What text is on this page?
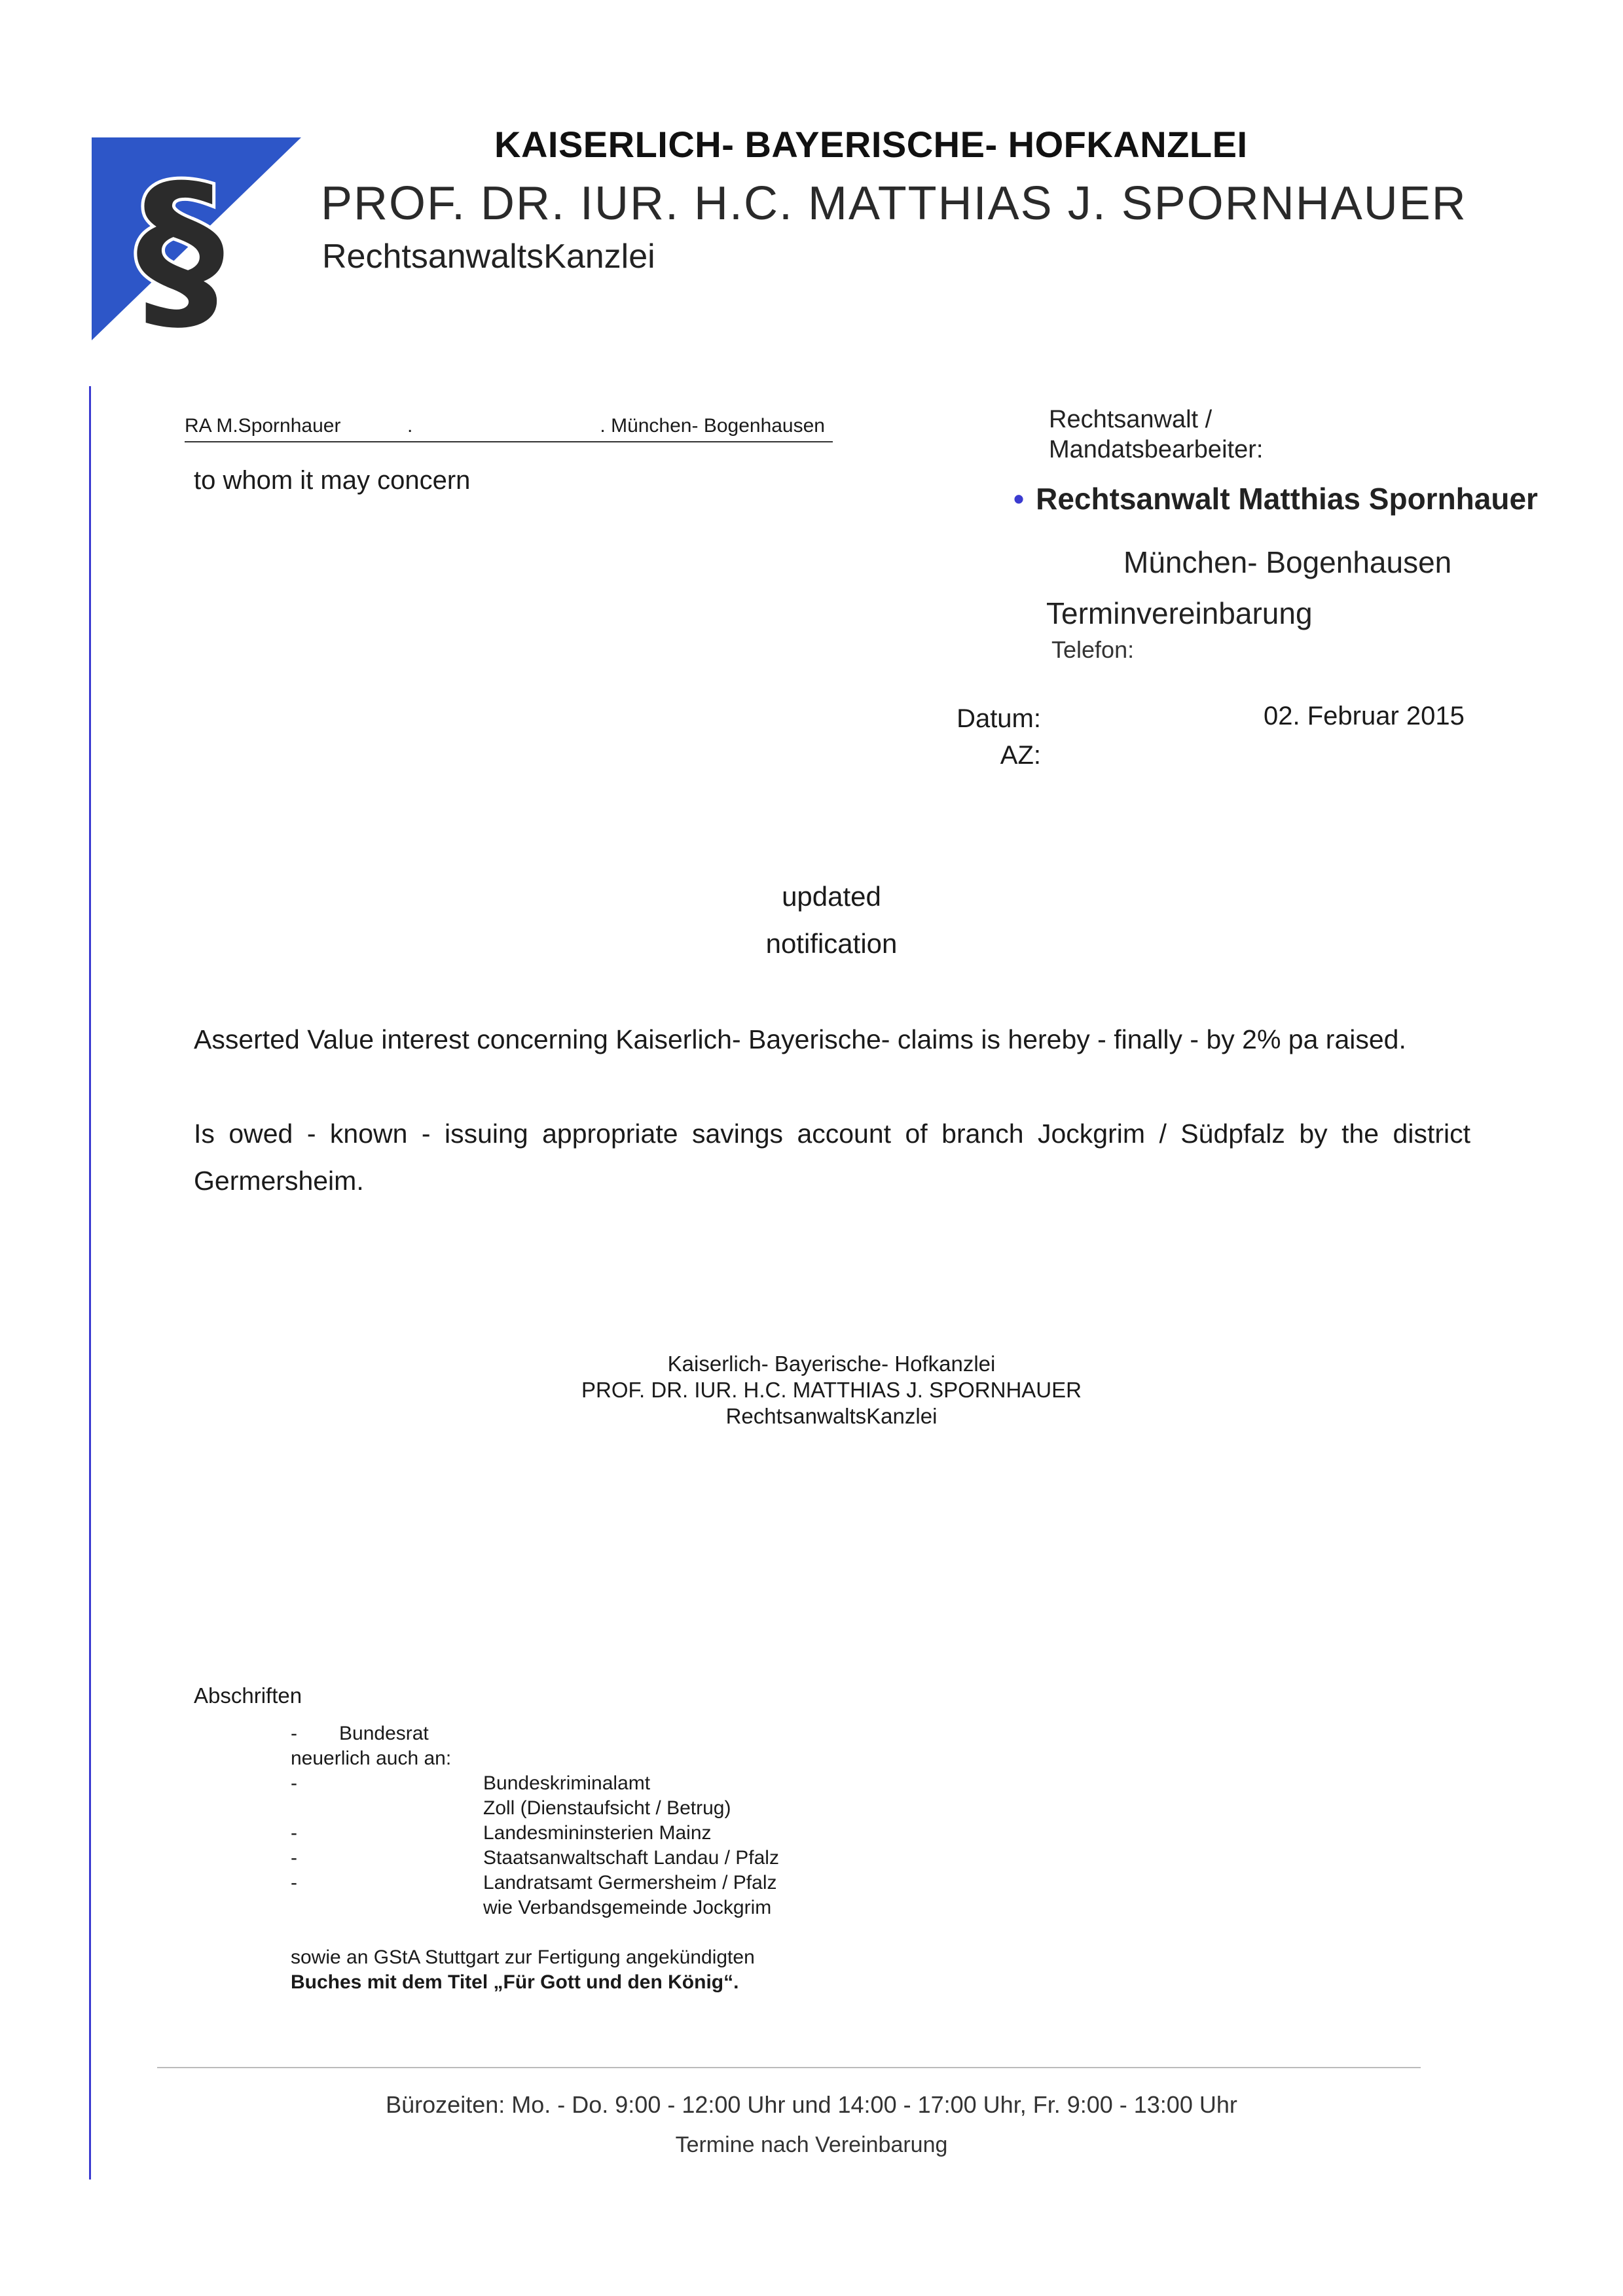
§
KAISERLICH- BAYERISCHE- HOFKANZLEI
PROF. DR. IUR. H.C. MATTHIAS J. SPORNHAUER
RechtsanwaltsKanzlei
RA M.Spornhauer	.	. München- Bogenhausen
to whom it may concern
Rechtsanwalt /
Mandatsbearbeiter:
• Rechtsanwalt Matthias Spornhauer
München- Bogenhausen
Terminvereinbarung
Telefon:
Datum:	02. Februar 2015
AZ:
updated
notification
Asserted Value interest concerning Kaiserlich- Bayerische- claims is hereby - finally - by 2% pa raised.
Is owed - known - issuing appropriate savings account of branch Jockgrim / Südpfalz by the district Germersheim.
Kaiserlich- Bayerische- Hofkanzlei
PROF. DR. IUR. H.C. MATTHIAS J. SPORNHAUER
RechtsanwaltsKanzlei
Abschriften
- Bundesrat
neuerlich auch an:
-	Bundeskriminalamt
Zoll (Dienstaufsicht / Betrug)
-	Landesmininsterien Mainz
-	Staatsanwaltschaft Landau / Pfalz
-	Landratsamt Germersheim / Pfalz
wie Verbandsgemeinde Jockgrim
sowie an GStA Stuttgart zur Fertigung angekündigten
Buches mit dem Titel „Für Gott und den König“.
Bürozeiten: Mo. - Do. 9:00 - 12:00 Uhr und 14:00 - 17:00 Uhr, Fr. 9:00 - 13:00 Uhr
Termine nach Vereinbarung
